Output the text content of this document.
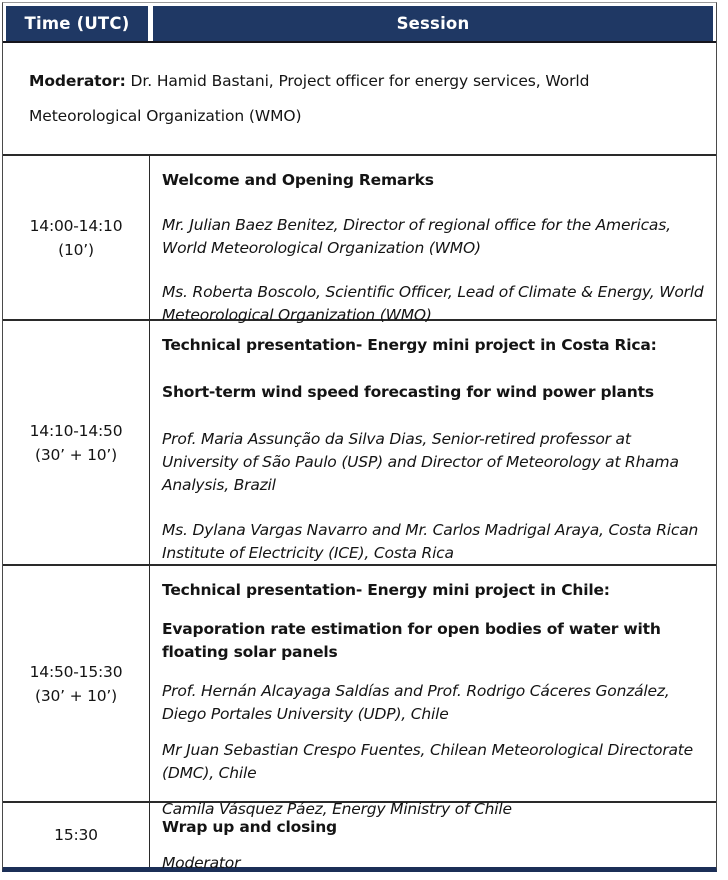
Time (UTC)	Session

Moderator: Dr. Hamid Bastani, Project officer for energy services, World Meteorological Organization (WMO)

14:00-14:10
(10’)

Welcome and Opening Remarks

Mr. Julian Baez Benitez, Director of regional office for the Americas, World Meteorological Organization (WMO)

Ms. Roberta Boscolo, Scientific Officer, Lead of Climate & Energy, World Meteorological Organization (WMO)

14:10-14:50
(30’ + 10’)

Technical presentation- Energy mini project in Costa Rica:

Short-term wind speed forecasting for wind power plants

Prof. Maria Assunção da Silva Dias, Senior-retired professor at University of São Paulo (USP) and Director of Meteorology at Rhama Analysis, Brazil

Ms. Dylana Vargas Navarro and Mr. Carlos Madrigal Araya, Costa Rican Institute of Electricity (ICE), Costa Rica

14:50-15:30
(30’ + 10’)

Technical presentation- Energy mini project in Chile:

Evaporation rate estimation for open bodies of water with floating solar panels

Prof. Hernán Alcayaga Saldías and Prof. Rodrigo Cáceres González, Diego Portales University (UDP), Chile

Mr Juan Sebastian Crespo Fuentes, Chilean Meteorological Directorate (DMC), Chile

Camila Vásquez Páez, Energy Ministry of Chile

15:30	Wrap up and closing

Moderator
